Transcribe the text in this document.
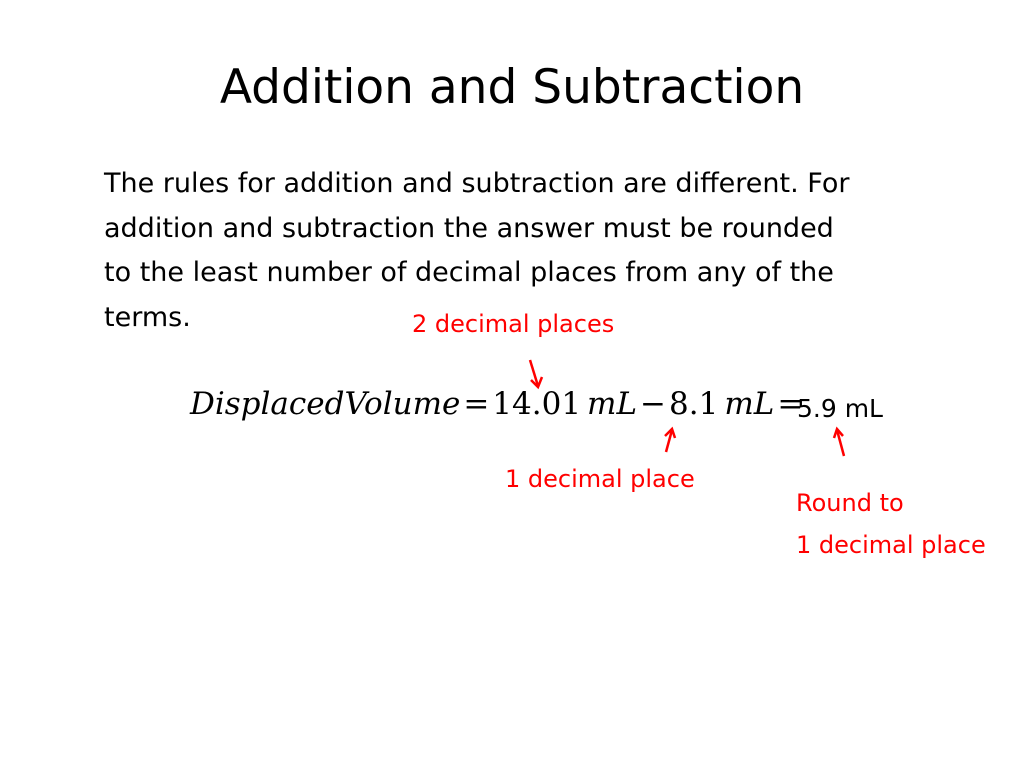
Addition and Subtraction
The rules for addition and subtraction are different. For
addition and subtraction the answer must be rounded
to the least number of decimal places from any of the
terms.	2 decimal places
DisplacedVolume=14.01 mL−8.1 mL=
5.9 mL
1 decimal place
Round to
1 decimal place
